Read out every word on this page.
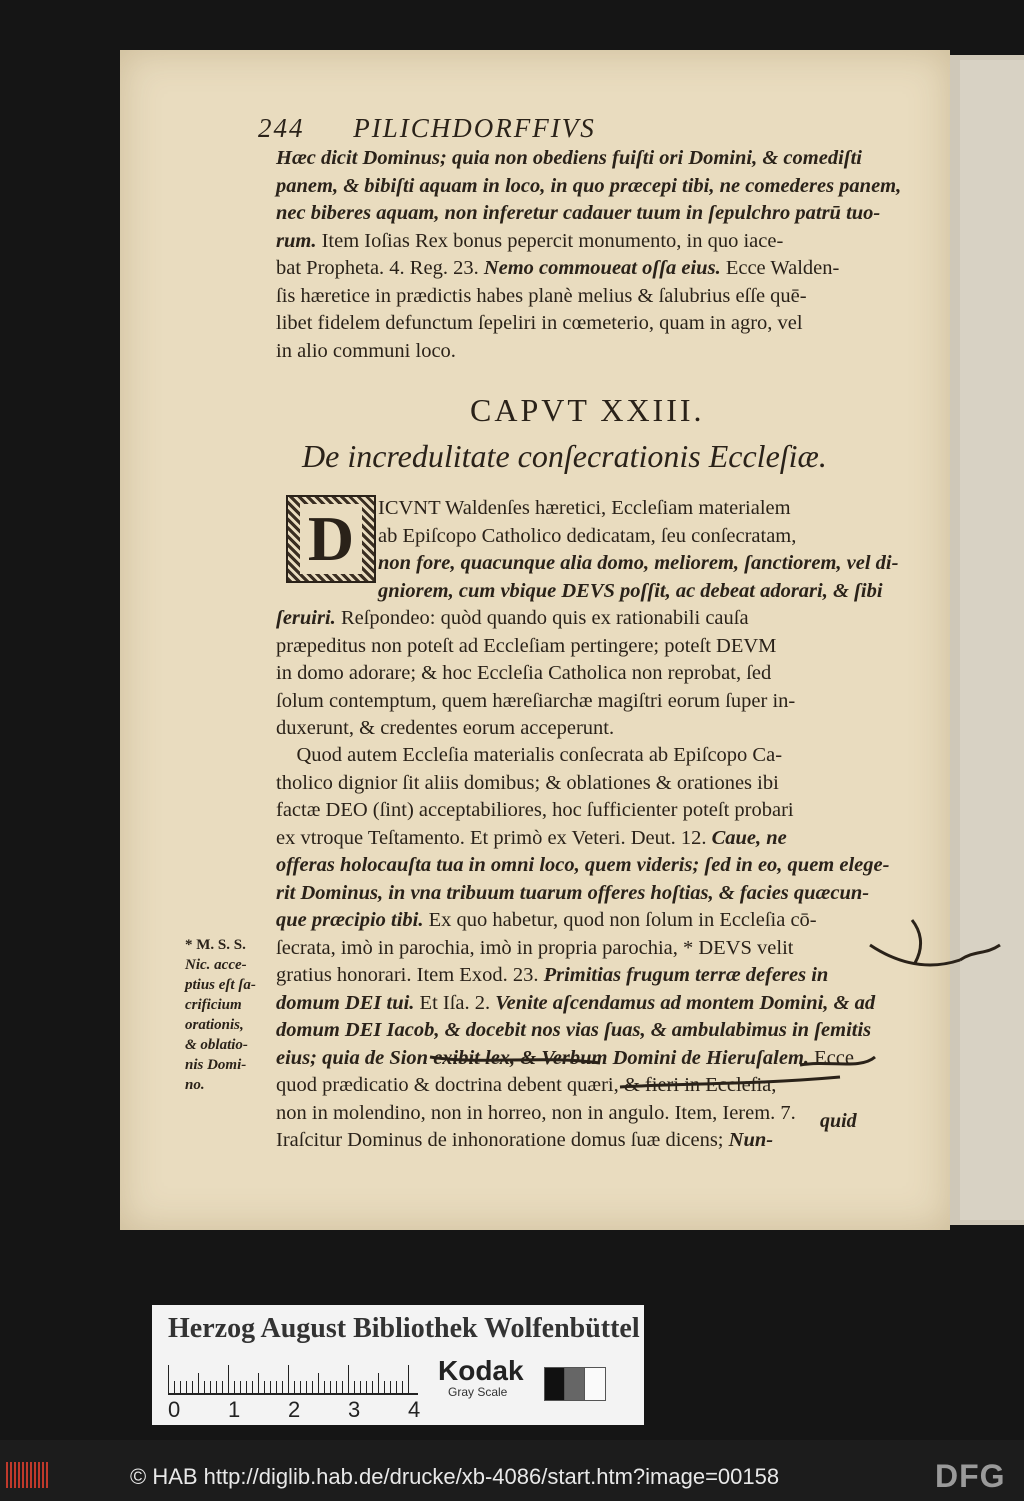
244 PILICHDORFFIVS
Hæc dicit Dominus; quia non obediens fuiſti ori Domini, & comediſti
panem, & bibiſti aquam in loco, in quo præcepi tibi, ne comederes panem,
nec biberes aquam, non inferetur cadauer tuum in ſepulchro patrū tuo-
rum. Item Ioſias Rex bonus pepercit monumento, in quo iace-
bat Propheta. 4. Reg. 23. Nemo commoueat oſſa eius. Ecce Walden-
ſis hæretice in prædictis habes planè melius & ſalubrius eſſe quē-
libet fidelem defunctum ſepeliri in cœmeterio, quam in agro, vel
in alio communi loco.
CAPVT XXIII.
De incredulitate conſecrationis Eccleſiæ.
D	ICVNT Waldenſes hæretici, Eccleſiam materialem
ab Epiſcopo Catholico dedicatam, ſeu conſecratam,
non fore, quacunque alia domo, meliorem, ſanctiorem, vel di-
gniorem, cum vbique DEVS poſſit, ac debeat adorari, & ſibi
ſeruiri. Reſpondeo: quòd quando quis ex rationabili cauſa
præpeditus non poteſt ad Eccleſiam pertingere; poteſt DEVM
in domo adorare; & hoc Eccleſia Catholica non reprobat, ſed
ſolum contemptum, quem hæreſiarchæ magiſtri eorum ſuper in-
duxerunt, & credentes eorum acceperunt.
Quod autem Eccleſia materialis conſecrata ab Epiſcopo Ca-
tholico dignior ſit aliis domibus; & oblationes & orationes ibi
factæ DEO (ſint) acceptabiliores, hoc ſufficienter poteſt probari
ex vtroque Teſtamento. Et primò ex Veteri. Deut. 12. Caue, ne
offeras holocauſta tua in omni loco, quem videris; ſed in eo, quem elege-
rit Dominus, in vna tribuum tuarum offeres hoſtias, & facies quæcun-
que præcipio tibi. Ex quo habetur, quod non ſolum in Eccleſia cō-
ſecrata, imò in parochia, imò in propria parochia, * DEVS velit
gratius honorari. Item Exod. 23. Primitias frugum terræ deferes in
domum DEI tui. Et Iſa. 2. Venite aſcendamus ad montem Domini, & ad
domum DEI Iacob, & docebit nos vias ſuas, & ambulabimus in ſemitis
eius; quia de Sion exibit lex, & Verbum Domini de Hieruſalem. Ecce
quod prædicatio & doctrina debent quæri, & fieri in Eccleſia,
non in molendino, non in horreo, non in angulo. Item, Ierem. 7.
Iraſcitur Dominus de inhonoratione domus ſuæ dicens; Nun-
* M. S. S.
Nic. acce-
ptius eſt ſa-
crificium
orationis,
& oblatio-
nis Domi-
no.
quid
Herzog August Bibliothek Wolfenbüttel
0 1 2 3 4
Kodak
Gray Scale
© HAB http://diglib.hab.de/drucke/xb-4086/start.htm?image=00158	DFG
